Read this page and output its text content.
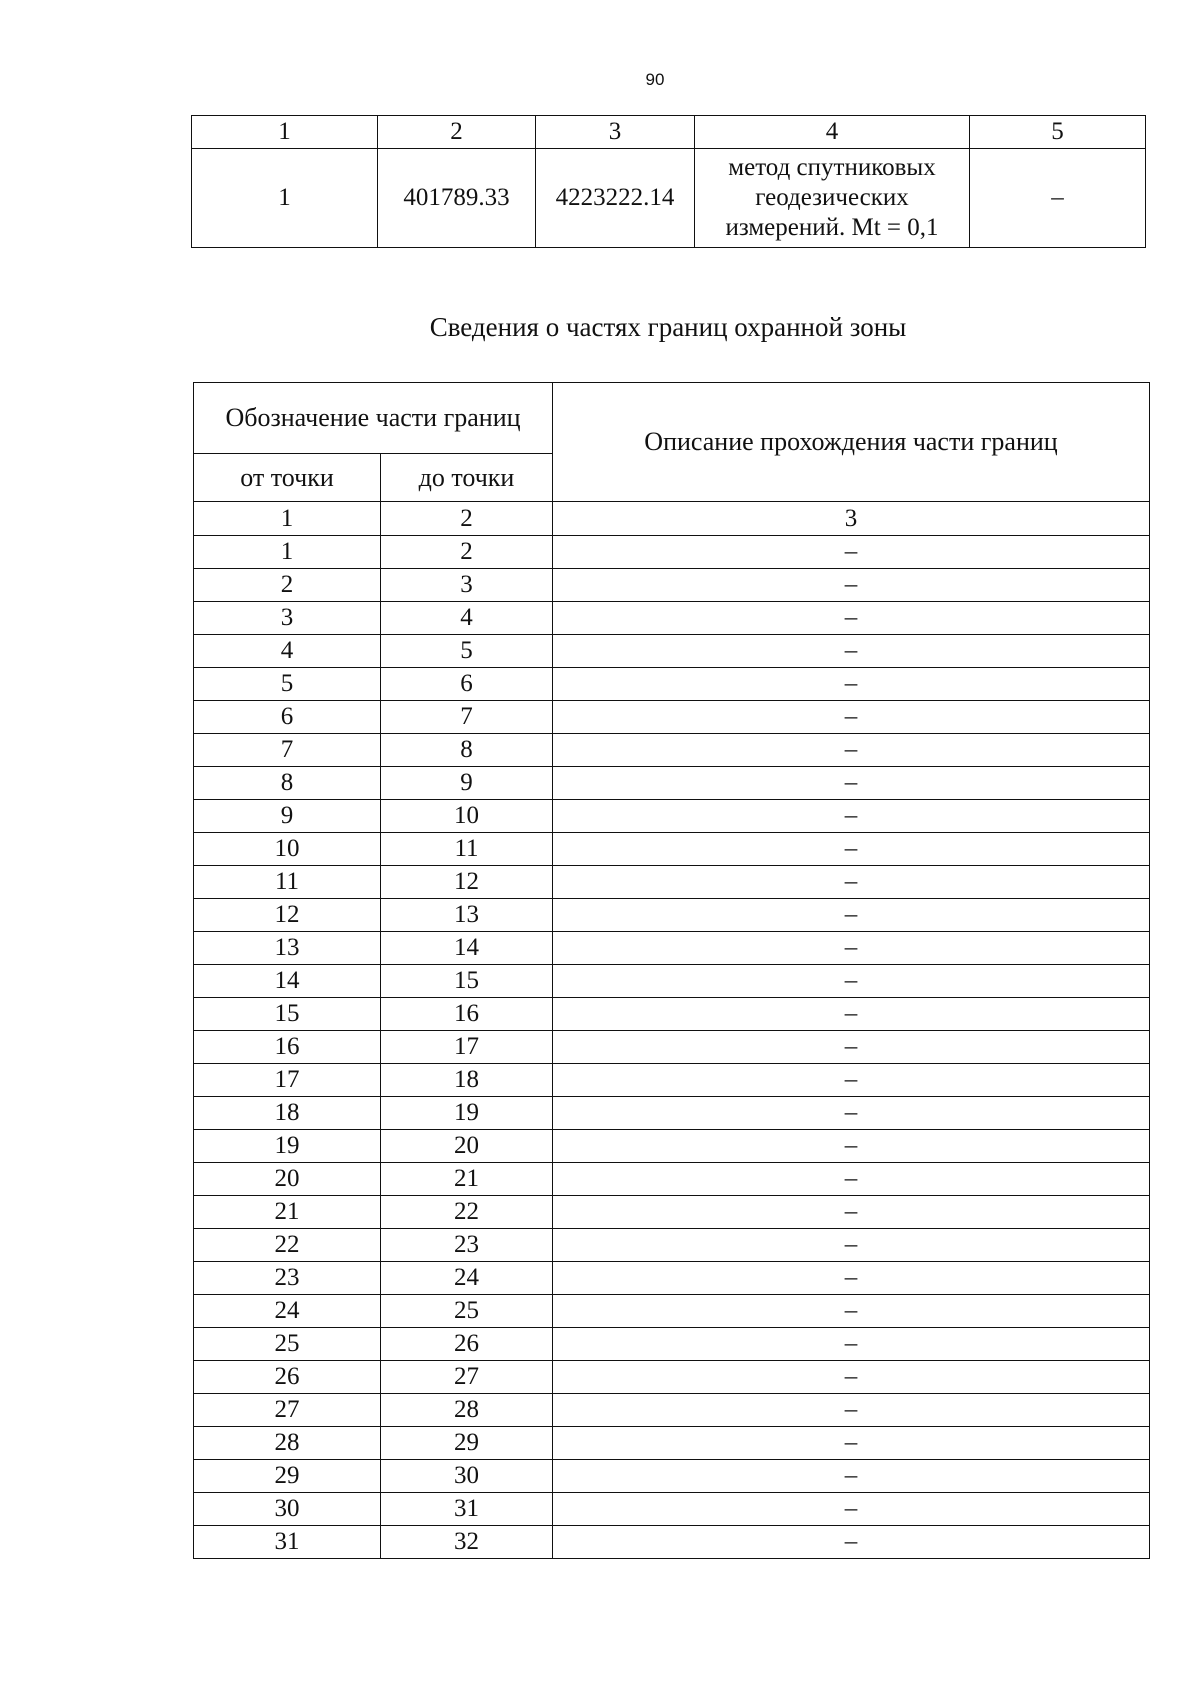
90
1	2	3	4	5
1	401789.33	4223222.14	метод спутниковых
геодезических
измерений. Mt = 0,1	–
Сведения о частях границ охранной зоны
Обозначение части границ		Описание прохождения части границ
от точки	до точки	
1	2	3
1	2	–
2	3	–
3	4	–
4	5	–
5	6	–
6	7	–
7	8	–
8	9	–
9	10	–
10	11	–
11	12	–
12	13	–
13	14	–
14	15	–
15	16	–
16	17	–
17	18	–
18	19	–
19	20	–
20	21	–
21	22	–
22	23	–
23	24	–
24	25	–
25	26	–
26	27	–
27	28	–
28	29	–
29	30	–
30	31	–
31	32	–
